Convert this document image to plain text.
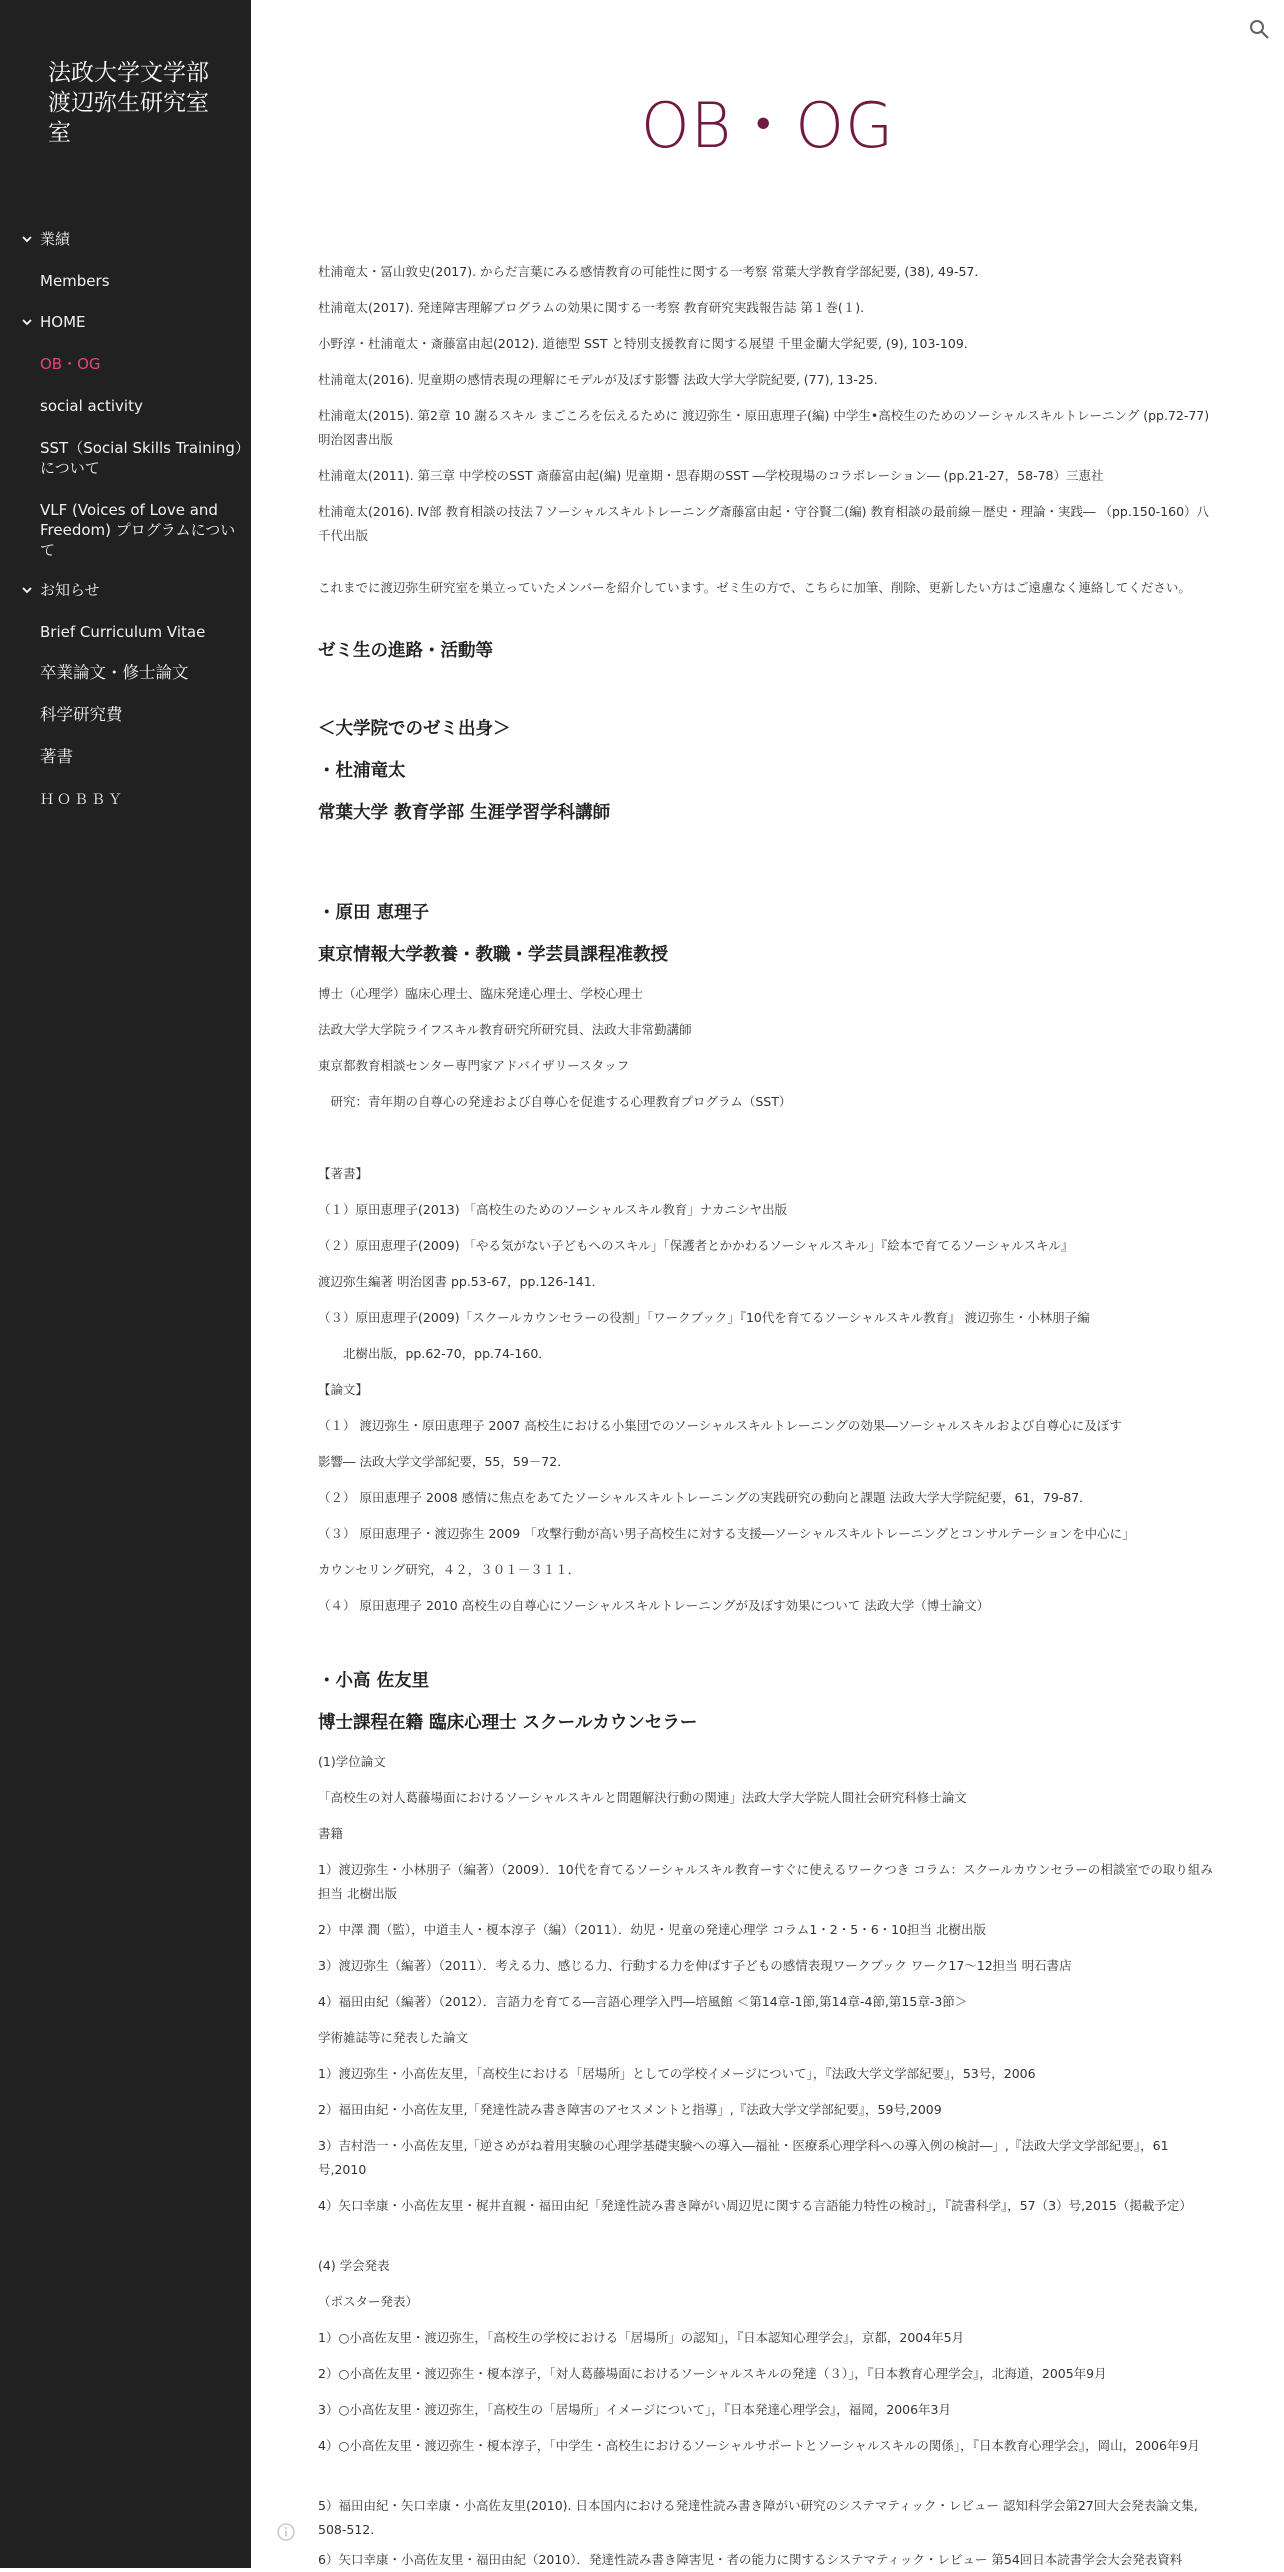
法政大学文学部渡辺弥生研究室室
業績
Members
HOME
OB・OG
social activity
SST（Social Skills Training）について
VLF (Voices of Love and Freedom) プログラムについて
お知らせ
Brief Curriculum Vitae
卒業論文・修士論文
科学研究費
著書
ＨＯＢＢＹ
OB・OG
杜浦竜太・冨山敦史(2017). からだ言葉にみる感情教育の可能性に関する一考察 常葉大学教育学部紀要, (38), 49-57.
杜浦竜太(2017). 発達障害理解プログラムの効果に関する一考察 教育研究実践報告誌 第１巻(１).
小野淳・杜浦竜太・斎藤富由起(2012). 道徳型 SST と特別支援教育に関する展望 千里金蘭大学紀要, (9), 103-109.
杜浦竜太(2016). 児童期の感情表現の理解にモデルが及ぼす影響 法政大学大学院紀要, (77), 13-25.
杜浦竜太(2015). 第2章 10 謝るスキル まごころを伝えるために 渡辺弥生・原田恵理子(編) 中学生•高校生のためのソーシャルスキルトレーニング (pp.72-77) 明治図書出版
杜浦竜太(2011). 第三章 中学校のSST 斎藤富由起(編) 児童期・思春期のSST ―学校現場のコラボレーション― (pp.21-27，58-78）三恵社
杜浦竜太(2016). Ⅳ部 教育相談の技法７ソーシャルスキルトレーニング斎藤富由起・守谷賢二(編) 教育相談の最前線－歴史・理論・実践― （pp.150-160）八千代出版
これまでに渡辺弥生研究室を巣立っていたメンバーを紹介しています。ゼミ生の方で、こちらに加筆、削除、更新したい方はご遠慮なく連絡してください。
ゼミ生の進路・活動等
＜大学院でのゼミ出身＞
・杜浦竜太
常葉大学 教育学部 生涯学習学科講師
・原田 恵理子
東京情報大学教養・教職・学芸員課程准教授
博士（心理学）臨床心理士、臨床発達心理士、学校心理士
法政大学大学院ライフスキル教育研究所研究員、法政大非常勤講師
東京都教育相談センター専門家アドバイザリースタッフ
　研究：青年期の自尊心の発達および自尊心を促進する心理教育プログラム（SST）
【著書】
（１）原田恵理子(2013) 「高校生のためのソーシャルスキル教育」ナカニシヤ出版
（２）原田恵理子(2009) 「やる気がない子どもへのスキル」「保護者とかかわるソーシャルスキル」『絵本で育てるソーシャルスキル』
渡辺弥生編著 明治図書 pp.53-67，pp.126-141．
（３）原田恵理子(2009)「スクールカウンセラーの役割」「ワークブック」『10代を育てるソーシャルスキル教育』 渡辺弥生・小林朋子編
　　北樹出版，pp.62-70，pp.74-160．
【論文】
（１） 渡辺弥生・原田恵理子 2007 高校生における小集団でのソーシャルスキルトレーニングの効果―ソーシャルスキルおよび自尊心に及ぼす
影響― 法政大学文学部紀要，55，59－72．
（２） 原田恵理子 2008 感情に焦点をあてたソーシャルスキルトレーニングの実践研究の動向と課題 法政大学大学院紀要，61，79-87．
（３） 原田恵理子・渡辺弥生 2009 「攻撃行動が高い男子高校生に対する支援―ソーシャルスキルトレーニングとコンサルテーションを中心に」
カウンセリング研究，４２，３０１－３１１．
（４） 原田恵理子 2010 高校生の自尊心にソーシャルスキルトレーニングが及ぼす効果について 法政大学（博士論文）
・小高 佐友里
博士課程在籍 臨床心理士 スクールカウンセラー
(1)学位論文
「高校生の対人葛藤場面におけるソーシャルスキルと問題解決行動の関連」法政大学大学院人間社会研究科修士論文
書籍
1）渡辺弥生・小林朋子（編著）（2009）．10代を育てるソーシャルスキル教育ーすぐに使えるワークつき コラム：スクールカウンセラーの相談室での取り組み 担当 北樹出版
2）中澤 潤（監），中道圭人・榎本淳子（編）（2011）．幼児・児童の発達心理学 コラム1・2・5・6・10担当 北樹出版
3）渡辺弥生（編著）（2011）．考える力、感じる力、行動する力を伸ばす子どもの感情表現ワークブック ワーク17～12担当 明石書店
4）福田由紀（編著）（2012）．言語力を育てる―言語心理学入門―培風館 ＜第14章-1節,第14章-4節,第15章-3節＞
学術雑誌等に発表した論文
1）渡辺弥生・小高佐友里，「高校生における「居場所」としての学校イメージについて」，『法政大学文学部紀要』，53号，2006
2）福田由紀・小高佐友里,「発達性読み書き障害のアセスメントと指導」,『法政大学文学部紀要』，59号,2009
3）吉村浩一・小高佐友里,「逆さめがね着用実験の心理学基礎実験への導入―福祉・医療系心理学科への導入例の検討―」,『法政大学文学部紀要』，61号,2010
4）矢口幸康・小高佐友里・梶井直親・福田由紀「発達性読み書き障がい周辺児に関する言語能力特性の検討」，『読書科学』，57（3）号,2015（掲載予定）
(4) 学会発表
（ポスター発表）
1）○小高佐友里・渡辺弥生，「高校生の学校における「居場所」の認知」，『日本認知心理学会』，京都，2004年5月
2）○小高佐友里・渡辺弥生・榎本淳子，「対人葛藤場面におけるソーシャルスキルの発達（３）」，『日本教育心理学会』，北海道，2005年9月
3）○小高佐友里・渡辺弥生，「高校生の「居場所」イメージについて」，『日本発達心理学会』，福岡，2006年3月
4）○小高佐友里・渡辺弥生・榎本淳子，「中学生・高校生におけるソーシャルサポートとソーシャルスキルの関係」，『日本教育心理学会』，岡山，2006年9月
5）福田由紀・矢口幸康・小高佐友里(2010). 日本国内における発達性読み書き障がい研究のシステマティック・レビュー 認知科学会第27回大会発表論文集, 508-512.
6）矢口幸康・小高佐友里・福田由紀（2010）．発達性読み書き障害児・者の能力に関するシステマティック・レビュー 第54回日本読書学会大会発表資料
